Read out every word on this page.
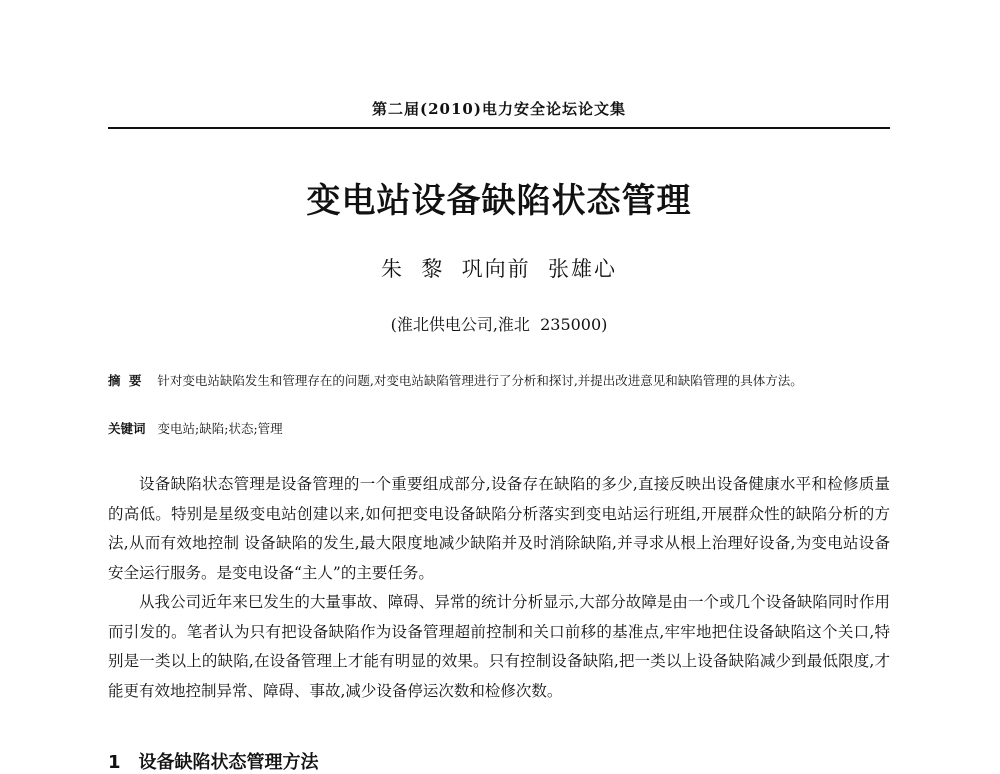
第二届(2010)电力安全论坛论文集
变电站设备缺陷状态管理
朱  黎  巩向前  张雄心
(淮北供电公司,淮北  235000)
摘 要 针对变电站缺陷发生和管理存在的问题,对变电站缺陷管理进行了分析和探讨,并提出改进意见和缺陷管理的具体方法。
关键词 变电站;缺陷;状态;管理

设备缺陷状态管理是设备管理的一个重要组成部分,设备存在缺陷的多少,直接反映出设备健康水平和检修质量的高低。特别是星级变电站创建以来,如何把变电设备缺陷分析落实到变电站运行班组,开展群众性的缺陷分析的方法,从而有效地控制 设备缺陷的发生,最大限度地减少缺陷并及时消除缺陷,并寻求从根上治理好设备,为变电站设备安全运行服务。是变电设备“主人”的主要任务。

从我公司近年来巳发生的大量事故、障碍、异常的统计分析显示,大部分故障是由一个或几个设备缺陷同时作用而引发的。笔者认为只有把设备缺陷作为设备管理超前控制和关口前移的基准点,牢牢地把住设备缺陷这个关口,特别是一类以上的缺陷,在设备管理上才能有明显的效果。只有控制设备缺陷,把一类以上设备缺陷减少到最低限度,才能更有效地控制异常、障碍、事故,减少设备停运次数和检修次数。

1 设备缺陷状态管理方法
